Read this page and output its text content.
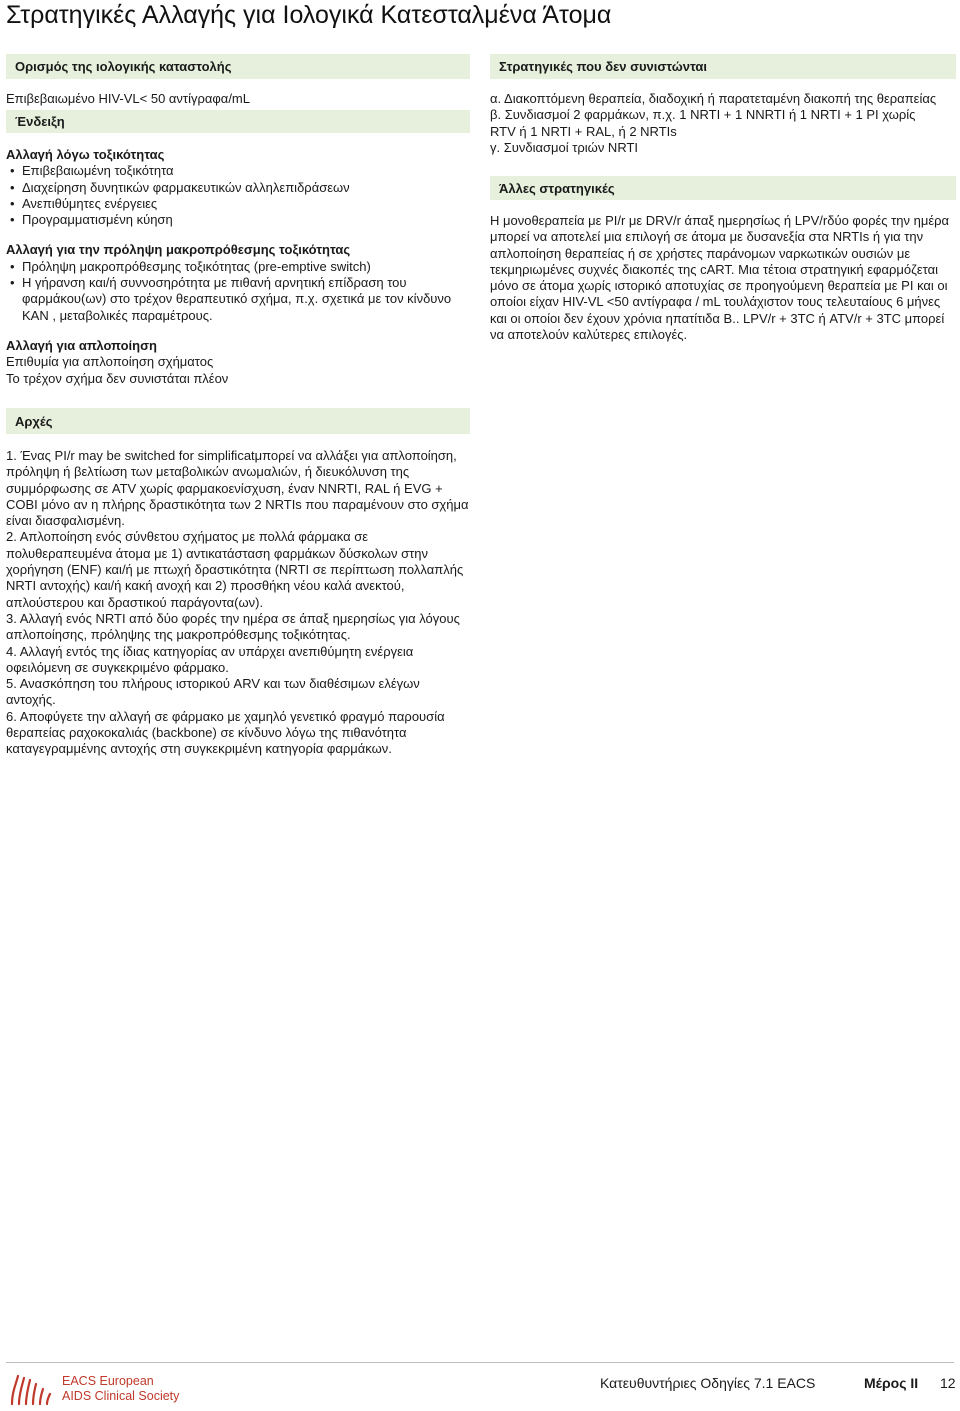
Στρατηγικές Αλλαγής για Ιολογικά Κατεσταλμένα Άτομα
Ορισμός της ιολογικής καταστολής
Επιβεβαιωμένο HIV-VL< 50 αντίγραφα/mL
Ένδειξη
Αλλαγή λόγω τοξικότητας
• Επιβεβαιωμένη τοξικότητα
• Διαχείρηση δυνητικών φαρμακευτικών αλληλεπιδράσεων
• Ανεπιθύμητες ενέργειες
• Προγραμματισμένη κύηση
Αλλαγή για την πρόληψη μακροπρόθεσμης τοξικότητας
• Πρόληψη μακροπρόθεσμης τοξικότητας (pre-emptive switch)
• Η γήρανση και/ή συννοσηρότητα με πιθανή αρνητική επίδραση του φαρμάκου(ων) στο τρέχον θεραπευτικό σχήμα, π.χ. σχετικά με τον κίνδυνο ΚΑΝ , μεταβολικές παραμέτρους.
Αλλαγή για απλοποίηση
Επιθυμία για απλοποίηση σχήματος
Το τρέχον σχήμα δεν συνιστάται πλέον
Στρατηγικές που δεν συνιστώνται
α. Διακοπτόμενη θεραπεία, διαδοχική ή παρατεταμένη διακοπή της θεραπείας
β. Συνδιασμοί 2 φαρμάκων, π.χ. 1 NRTI + 1 NNRTI ή 1 NRTI + 1 PI χωρίς RTV ή 1 NRTI + RAL, ή 2 NRTIs
γ. Συνδιασμοί τριών NRTI
Άλλες στρατηγικές
Η μονοθεραπεία με PI/r με DRV/r άπαξ ημερησίως ή LPV/rδύο φορές την ημέρα μπορεί να αποτελεί μια επιλογή σε άτομα με δυσανεξία στα NRTIs ή για την απλοποίηση θεραπείας ή σε χρήστες παράνομων ναρκωτικών ουσιών με τεκμηριωμένες συχνές διακοπές της cART. Μια τέτοια στρατηγική εφαρμόζεται μόνο σε άτομα χωρίς ιστορικό αποτυχίας σε προηγούμενη θεραπεία με PI και οι οποίοι είχαν HIV-VL <50 αντίγραφα / mL τουλάχιστον τους τελευταίους 6 μήνες και οι οποίοι δεν έχουν χρόνια ηπατίτιδα Β.. LPV/r + 3TC ή ATV/r + 3TC μπορεί να αποτελούν καλύτερες επιλογές.
Αρχές
1. Ένας PI/r may be switched for simplificatμπορεί να αλλάξει για απλοποίηση, πρόληψη ή βελτίωση των μεταβολικών ανωμαλιών, ή διευκόλυνση της συμμόρφωσης σε ATV χωρίς φαρμακοενίσχυση, έναν NNRTI, RAL ή EVG + COBI μόνο αν η πλήρης δραστικότητα των 2 NRTIs που παραμένουν στο σχήμα είναι διασφαλισμένη.
2. Απλοποίηση ενός σύνθετου σχήματος με πολλά φάρμακα σε πολυθεραπευμένα άτομα με 1) αντικατάσταση φαρμάκων δύσκολων στην χορήγηση (ENF) και/ή με πτωχή δραστικότητα (NRTI σε περίπτωση πολλαπλής NRTI αντοχής) και/ή κακή ανοχή και 2) προσθήκη νέου καλά ανεκτού, απλούστερου και δραστικού παράγοντα(ων).
3. Αλλαγή ενός NRTI από δύο φορές την ημέρα σε άπαξ ημερησίως για λόγους απλοποίησης, πρόληψης της μακροπρόθεσμης τοξικότητας.
4. Αλλαγή εντός της ίδιας κατηγορίας αν υπάρχει ανεπιθύμητη ενέργεια οφειλόμενη σε συγκεκριμένο φάρμακο.
5. Ανασκόπηση του πλήρους ιστορικού ARV και των διαθέσιμων ελέγων αντοχής.
6. Αποφύγετε την αλλαγή σε φάρμακο με χαμηλό γενετικό φραγμό παρουσία θεραπείας ραχοκοκαλιάς (backbone) σε κίνδυνο λόγω της πιθανότητα καταγεγραμμένης αντοχής στη συγκεκριμένη κατηγορία φαρμάκων.
EACS European
AIDS Clinical Society
Κατευθυντήριες Οδηγίες 7.1 EACS	Μέρος II 12
